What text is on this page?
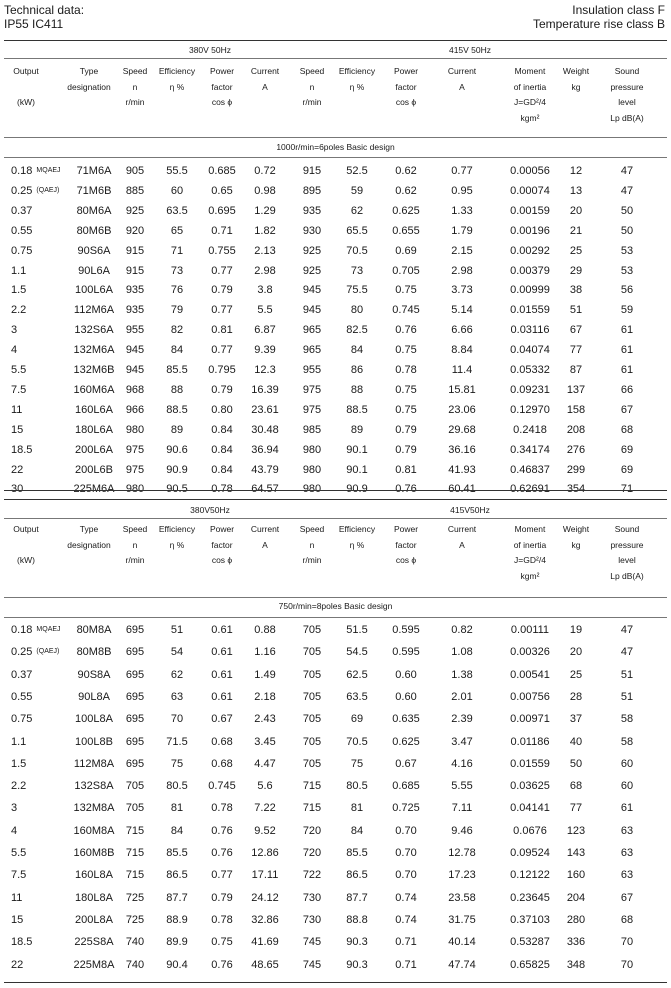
Technical data:
IP55 IC411
Insulation class F
Temperature rise class B
380V 50Hz	415V 50Hz
Output

(kW)
Type
designation
Speed
n
r/min
Efficiency
η %
Power
factor
cos ϕ
Current
A
Speed
n
r/min
Efficiency
η %
Power
factor
cos ϕ
Current
A
Moment
of inertia
J=GD²/4
kgm²
Weight
kg
Sound
pressure
level
Lp dB(A)
1000r/min=6poles Basic design
0.18 MQAEJ	71M6A	905	55.5	0.685	0.72	915	52.5	0.62	0.77	0.00056	12	47
0.25 (QAEJ)	71M6B	885	60	0.65	0.98	895	59	0.62	0.95	0.00074	13	47
0.37	80M6A	925	63.5	0.695	1.29	935	62	0.625	1.33	0.00159	20	50
0.55	80M6B	920	65	0.71	1.82	930	65.5	0.655	1.79	0.00196	21	50
0.75	90S6A	915	71	0.755	2.13	925	70.5	0.69	2.15	0.00292	25	53
1.1	90L6A	915	73	0.77	2.98	925	73	0.705	2.98	0.00379	29	53
1.5	100L6A	935	76	0.79	3.8	945	75.5	0.75	3.73	0.00999	38	56
2.2	112M6A	935	79	0.77	5.5	945	80	0.745	5.14	0.01559	51	59
3	132S6A	955	82	0.81	6.87	965	82.5	0.76	6.66	0.03116	67	61
4	132M6A	945	84	0.77	9.39	965	84	0.75	8.84	0.04074	77	61
5.5	132M6B	945	85.5	0.795	12.3	955	86	0.78	11.4	0.05332	87	61
7.5	160M6A	968	88	0.79	16.39	975	88	0.75	15.81	0.09231	137	66
11	160L6A	966	88.5	0.80	23.61	975	88.5	0.75	23.06	0.12970	158	67
15	180L6A	980	89	0.84	30.48	985	89	0.79	29.68	0.2418	208	68
18.5	200L6A	975	90.6	0.84	36.94	980	90.1	0.79	36.16	0.34174	276	69
22	200L6B	975	90.9	0.84	43.79	980	90.1	0.81	41.93	0.46837	299	69
30	225M6A	980	90.5	0.78	64.57	980	90.9	0.76	60.41	0.62691	354	71
380V50Hz	415V50Hz
Output

(kW)
Type
designation
Speed
n
r/min
Efficiency
η %
Power
factor
cos ϕ
Current
A
Speed
n
r/min
Efficiency
η %
Power
factor
cos ϕ
Current
A
Moment
of inertia
J=GD²/4
kgm²
Weight
kg
Sound
pressure
level
Lp dB(A)
750r/min=8poles Basic design
0.18 MQAEJ	80M8A	695	51	0.61	0.88	705	51.5	0.595	0.82	0.00111	19	47
0.25 (QAEJ)	80M8B	695	54	0.61	1.16	705	54.5	0.595	1.08	0.00326	20	47
0.37	90S8A	695	62	0.61	1.49	705	62.5	0.60	1.38	0.00541	25	51
0.55	90L8A	695	63	0.61	2.18	705	63.5	0.60	2.01	0.00756	28	51
0.75	100L8A	695	70	0.67	2.43	705	69	0.635	2.39	0.00971	37	58
1.1	100L8B	695	71.5	0.68	3.45	705	70.5	0.625	3.47	0.01186	40	58
1.5	112M8A	695	75	0.68	4.47	705	75	0.67	4.16	0.01559	50	60
2.2	132S8A	705	80.5	0.745	5.6	715	80.5	0.685	5.55	0.03625	68	60
3	132M8A	705	81	0.78	7.22	715	81	0.725	7.11	0.04141	77	61
4	160M8A	715	84	0.76	9.52	720	84	0.70	9.46	0.0676	123	63
5.5	160M8B	715	85.5	0.76	12.86	720	85.5	0.70	12.78	0.09524	143	63
7.5	160L8A	715	86.5	0.77	17.11	722	86.5	0.70	17.23	0.12122	160	63
11	180L8A	725	87.7	0.79	24.12	730	87.7	0.74	23.58	0.23645	204	67
15	200L8A	725	88.9	0.78	32.86	730	88.8	0.74	31.75	0.37103	280	68
18.5	225S8A	740	89.9	0.75	41.69	745	90.3	0.71	40.14	0.53287	336	70
22	225M8A	740	90.4	0.76	48.65	745	90.3	0.71	47.74	0.65825	348	70
